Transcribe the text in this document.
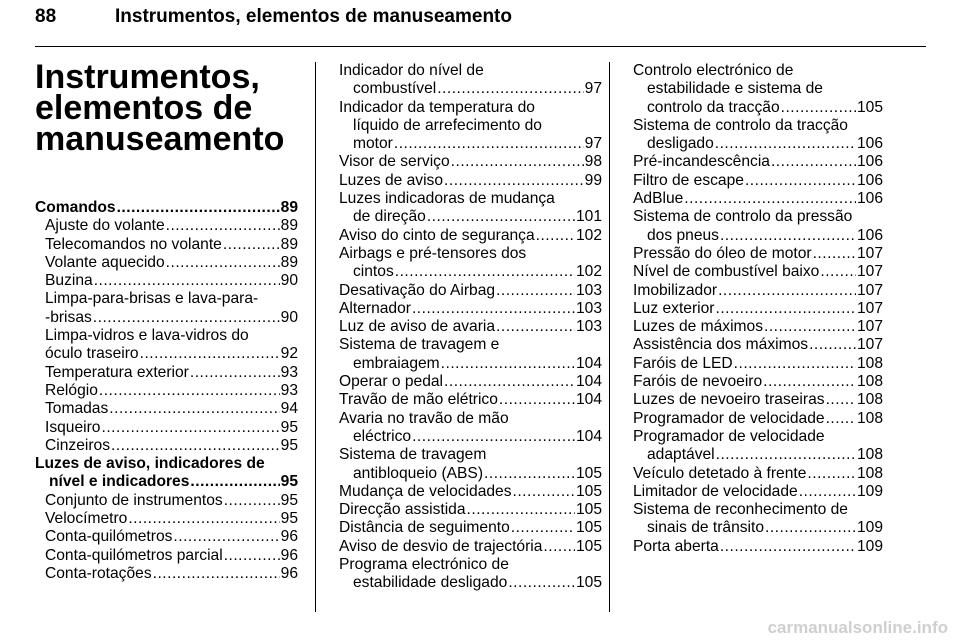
88	Instrumentos, elementos de manuseamento
Instrumentos,
elementos de
manuseamento
Comandos .....	89
Ajuste do volante .....	89
Telecomandos no volante .....	89
Volante aquecido .....	89
Buzina .....	90
Limpa-para-brisas e lava-para-
-brisas .....	90
Limpa-vidros e lava-vidros do
óculo traseiro .....	92
Temperatura exterior .....	93
Relógio .....	93
Tomadas .....	94
Isqueiro .....	95
Cinzeiros .....	95
Luzes de aviso, indicadores de
nível e indicadores .....	95
Conjunto de instrumentos .....	95
Velocímetro .....	95
Conta-quilómetros .....	96
Conta-quilómetros parcial .....	96
Conta-rotações .....	96
Indicador do nível de
combustível .....	97
Indicador da temperatura do
líquido de arrefecimento do
motor .....	97
Visor de serviço .....	98
Luzes de aviso .....	99
Luzes indicadoras de mudança
de direção .....	101
Aviso do cinto de segurança .....	102
Airbags e pré-tensores dos
cintos .....	102
Desativação do Airbag .....	103
Alternador .....	103
Luz de aviso de avaria .....	103
Sistema de travagem e
embraiagem .....	104
Operar o pedal .....	104
Travão de mão elétrico .....	104
Avaria no travão de mão
eléctrico .....	104
Sistema de travagem
antibloqueio (ABS) .....	105
Mudança de velocidades .....	105
Direcção assistida .....	105
Distância de seguimento .....	105
Aviso de desvio de trajectória ..... 105
Programa electrónico de
estabilidade desligado .....	105
Controlo electrónico de
estabilidade e sistema de
controlo da tracção .....	105
Sistema de controlo da tracção
desligado .....	106
Pré-incandescência .....	106
Filtro de escape .....	106
AdBlue .....	106
Sistema de controlo da pressão
dos pneus .....	106
Pressão do óleo de motor .....	107
Nível de combustível baixo ..... 107
Imobilizador .....	107
Luz exterior .....	107
Luzes de máximos .....	107
Assistência dos máximos .....	107
Faróis de LED .....	108
Faróis de nevoeiro .....	108
Luzes de nevoeiro traseiras ..... 108
Programador de velocidade ..... 108
Programador de velocidade
adaptável .....	108
Veículo detetado à frente .....	108
Limitador de velocidade .....	109
Sistema de reconhecimento de
sinais de trânsito .....	109
Porta aberta .....	109
carmanualsonline.info
